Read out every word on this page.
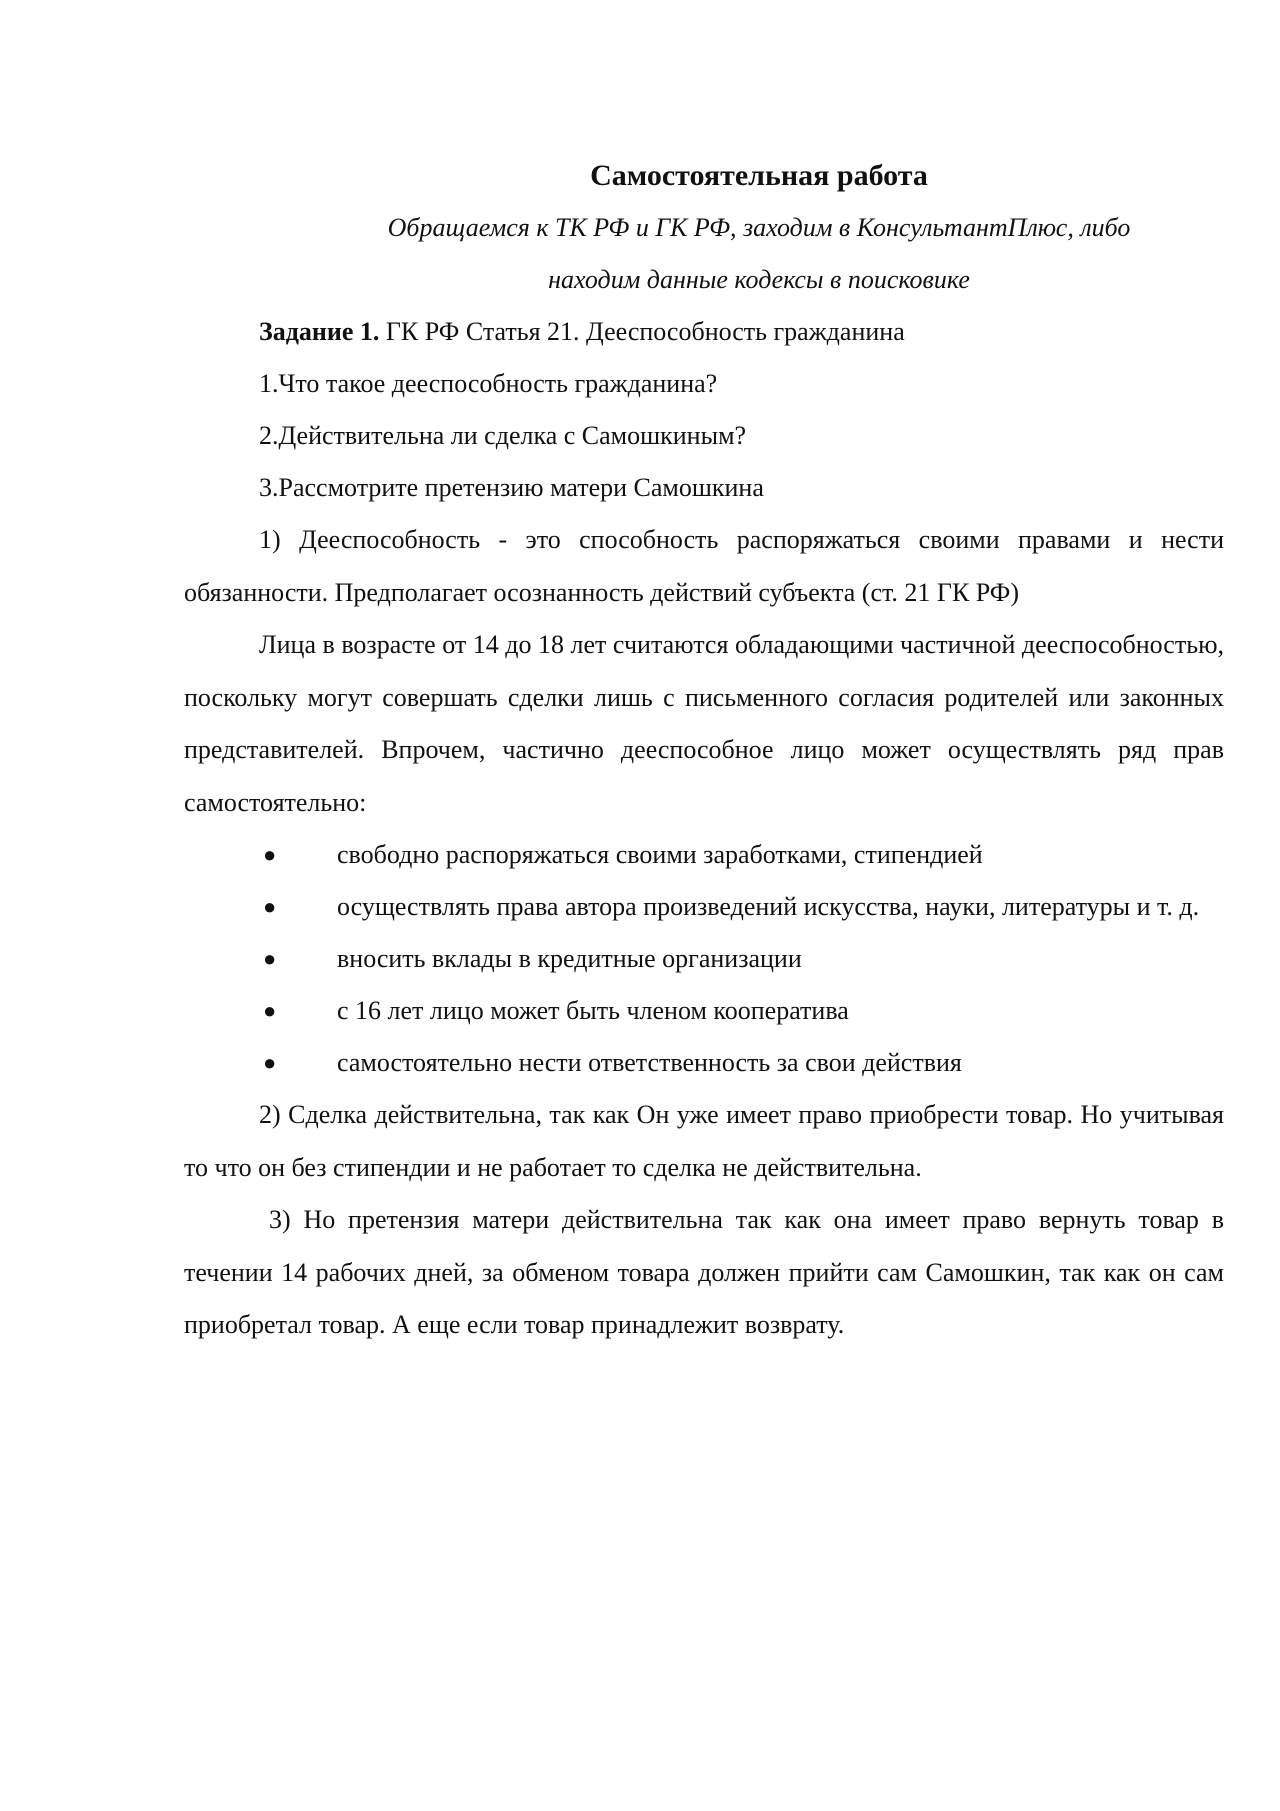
Самостоятельная работа
Обращаемся к ТК РФ и ГК РФ, заходим в КонсультантПлюс, либо
находим данные кодексы в поисковике
Задание 1. ГК РФ Статья 21. Дееспособность гражданина
1.Что такое дееспособность гражданина?
2.Действительна ли сделка с Самошкиным?
3.Рассмотрите претензию матери Самошкина
1) Дееспособность - это способность распоряжаться своими правами и нести обязанности. Предполагает осознанность действий субъекта (ст. 21 ГК РФ)
Лица в возрасте от 14 до 18 лет считаются обладающими частичной дееспособностью, поскольку могут совершать сделки лишь с письменного согласия родителей или законных представителей. Впрочем, частично дееспособное лицо может осуществлять ряд прав самостоятельно:
● свободно распоряжаться своими заработками, стипендией
● осуществлять права автора произведений искусства, науки, литературы и т. д.
● вносить вклады в кредитные организации
● с 16 лет лицо может быть членом кооператива
● самостоятельно нести ответственность за свои действия
2) Сделка действительна, так как Он уже имеет право приобрести товар. Но учитывая то что он без стипендии и не работает то сделка не действительна.
3) Но претензия матери действительна так как она имеет право вернуть товар в течении 14 рабочих дней, за обменом товара должен прийти сам Самошкин, так как он сам приобретал товар. А еще если товар принадлежит возврату.
